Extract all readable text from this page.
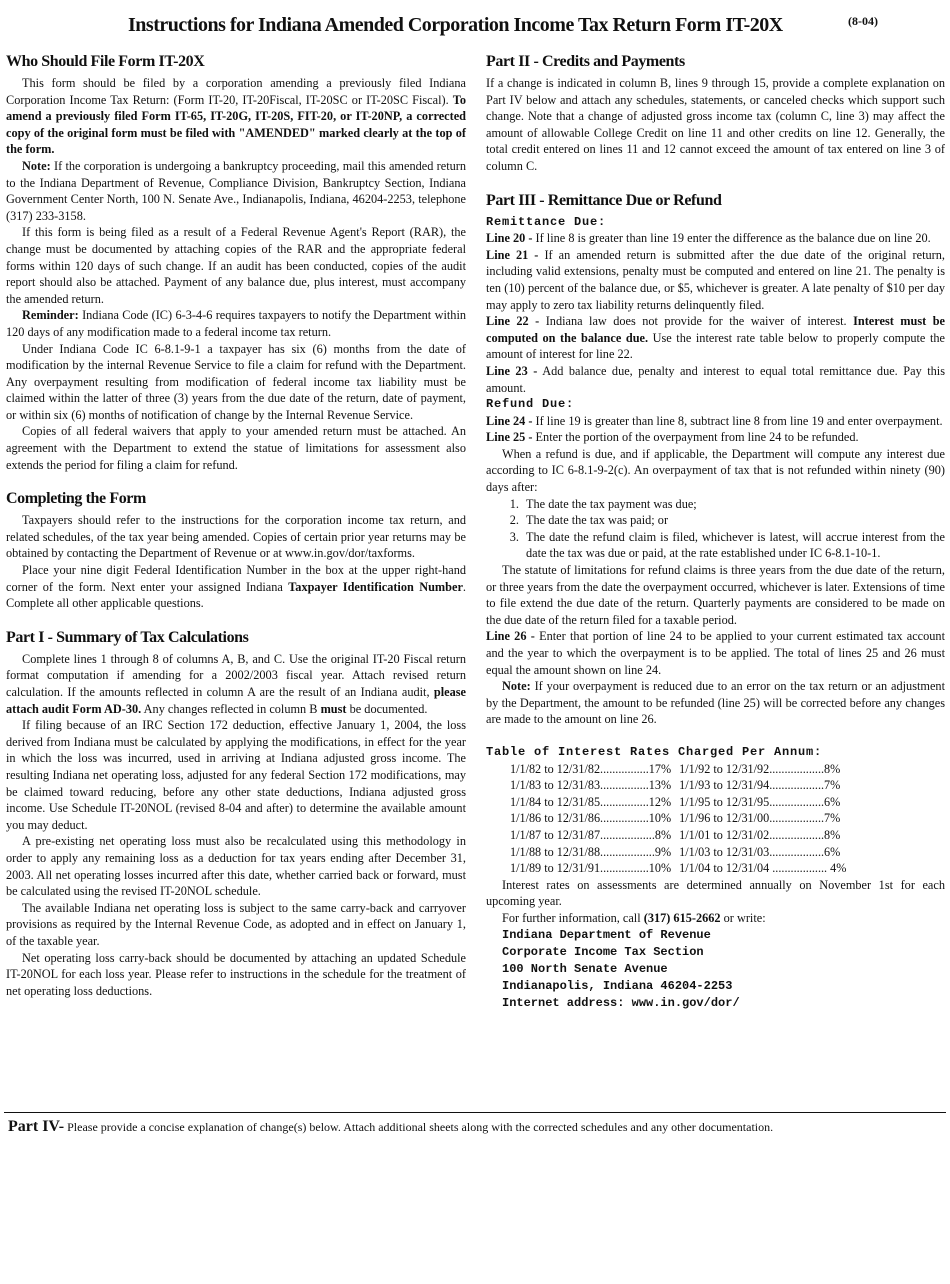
Instructions for Indiana Amended Corporation Income Tax Return Form IT-20X	(8-04)
Who Should File Form IT-20X

This form should be filed by a corporation amending a previously filed Indiana Corporation Income Tax Return: (Form IT-20, IT-20Fiscal, IT-20SC or IT-20SC Fiscal). To amend a previously filed Form IT-65, IT-20G, IT-20S, FIT-20, or IT-20NP, a corrected copy of the original form must be filed with "AMENDED" marked clearly at the top of the form.

Note: If the corporation is undergoing a bankruptcy proceeding, mail this amended return to the Indiana Department of Revenue, Compliance Division, Bankruptcy Section, Indiana Government Center North, 100 N. Senate Ave., Indianapolis, Indiana, 46204-2253, telephone (317) 233-3158.

If this form is being filed as a result of a Federal Revenue Agent's Report (RAR), the change must be documented by attaching copies of the RAR and the appropriate federal forms within 120 days of such change. If an audit has been conducted, copies of the audit report should also be attached. Payment of any balance due, plus interest, must accompany the amended return.

Reminder: Indiana Code (IC) 6-3-4-6 requires taxpayers to notify the Department within 120 days of any modification made to a federal income tax return.

Under Indiana Code IC 6-8.1-9-1 a taxpayer has six (6) months from the date of modification by the internal Revenue Service to file a claim for refund with the Department. Any overpayment resulting from modification of federal income tax liability must be claimed within the latter of three (3) years from the due date of the return, date of payment, or within six (6) months of notification of change by the Internal Revenue Service.

Copies of all federal waivers that apply to your amended return must be attached. An agreement with the Department to extend the statue of limitations for assessment also extends the period for filing a claim for refund.

Completing the Form

Taxpayers should refer to the instructions for the corporation income tax return, and related schedules, of the tax year being amended. Copies of certain prior year returns may be obtained by contacting the Department of Revenue or at www.in.gov/dor/taxforms.

Place your nine digit Federal Identification Number in the box at the upper right-hand corner of the form. Next enter your assigned Indiana Taxpayer Identification Number. Complete all other applicable questions.

Part I - Summary of Tax Calculations

Complete lines 1 through 8 of columns A, B, and C. Use the original IT-20 Fiscal return format computation if amending for a 2002/2003 fiscal year. Attach revised return calculation. If the amounts reflected in column A are the result of an Indiana audit, please attach audit Form AD-30. Any changes reflected in column B must be documented.

If filing because of an IRC Section 172 deduction, effective January 1, 2004, the loss derived from Indiana must be calculated by applying the modifications, in effect for the year in which the loss was incurred, used in arriving at Indiana adjusted gross income. The resulting Indiana net operating loss, adjusted for any federal Section 172 modifications, may be claimed toward reducing, before any other state deductions, Indiana adjusted gross income. Use Schedule IT-20NOL (revised 8-04 and after) to determine the available amount you may deduct.

A pre-existing net operating loss must also be recalculated using this methodology in order to apply any remaining loss as a deduction for tax years ending after December 31, 2003. All net operating losses incurred after this date, whether carried back or forward, must be calculated using the revised IT-20NOL schedule.

The available Indiana net operating loss is subject to the same carry-back and carryover provisions as required by the Internal Revenue Code, as adopted and in effect on January 1, of the taxable year.

Net operating loss carry-back should be documented by attaching an updated Schedule IT-20NOL for each loss year. Please refer to instructions in the schedule for the treatment of net operating loss deductions.

Part II - Credits and Payments
If a change is indicated in column B, lines 9 through 15, provide a complete explanation on Part IV below and attach any schedules, statements, or canceled checks which support such change. Note that a change of adjusted gross income tax (column C, line 3) may affect the amount of allowable College Credit on line 11 and other credits on line 12. Generally, the total credit entered on lines 11 and 12 cannot exceed the amount of tax entered on line 3 of column C.
Part III - Remittance Due or Refund
Remittance Due:
Line 20 - If line 8 is greater than line 19 enter the difference as the balance due on line 20.
Line 21 - If an amended return is submitted after the due date of the original return, including valid extensions, penalty must be computed and entered on line 21. The penalty is ten (10) percent of the balance due, or $5, whichever is greater. A late penalty of $10 per day may apply to zero tax liability returns delinquently filed.
Line 22 - Indiana law does not provide for the waiver of interest. Interest must be computed on the balance due. Use the interest rate table below to properly compute the amount of interest for line 22.
Line 23 - Add balance due, penalty and interest to equal total remittance due. Pay this amount.
Refund Due:
Line 24 - If line 19 is greater than line 8, subtract line 8 from line 19 and enter overpayment.
Line 25 - Enter the portion of the overpayment from line 24 to be refunded.

When a refund is due, and if applicable, the Department will compute any interest due according to IC 6-8.1-9-2(c). An overpayment of tax that is not refunded within ninety (90) days after:

1. The date the tax payment was due;
2. The date the tax was paid; or
3. The date the refund claim is filed, whichever is latest, will accrue interest from the date the tax was due or paid, at the rate established under IC 6-8.1-10-1.

The statute of limitations for refund claims is three years from the due date of the return, or three years from the date the overpayment occurred, whichever is later. Extensions of time to file extend the due date of the return. Quarterly payments are considered to be made on the due date of the return filed for a taxable period.

Line 26 - Enter that portion of line 24 to be applied to your current estimated tax account and the year to which the overpayment is to be applied. The total of lines 25 and 26 must equal the amount shown on line 24.

Note: If your overpayment is reduced due to an error on the tax return or an adjustment by the Department, the amount to be refunded (line 25) will be corrected before any changes are made to the amount on line 26.

Table of Interest Rates Charged Per Annum:
1/1/82 to 12/31/82................17%	1/1/92 to 12/31/92..................8%
1/1/83 to 12/31/83................13%	1/1/93 to 12/31/94..................7%
1/1/84 to 12/31/85................12%	1/1/95 to 12/31/95..................6%
1/1/86 to 12/31/86................10%	1/1/96 to 12/31/00..................7%
1/1/87 to 12/31/87..................8%	1/1/01 to 12/31/02..................8%
1/1/88 to 12/31/88..................9%	1/1/03 to 12/31/03..................6%
1/1/89 to 12/31/91................10%	1/1/04 to 12/31/04 .................. 4%

Interest rates on assessments are determined annually on November 1st for each upcoming year.

For further information, call (317) 615-2662 or write:
Indiana Department of Revenue
Corporate Income Tax Section
100 North Senate Avenue
Indianapolis, Indiana 46204-2253
Internet address: www.in.gov/dor/
Part IV- Please provide a concise explanation of change(s) below. Attach additional sheets along with the corrected schedules and any other documentation.
